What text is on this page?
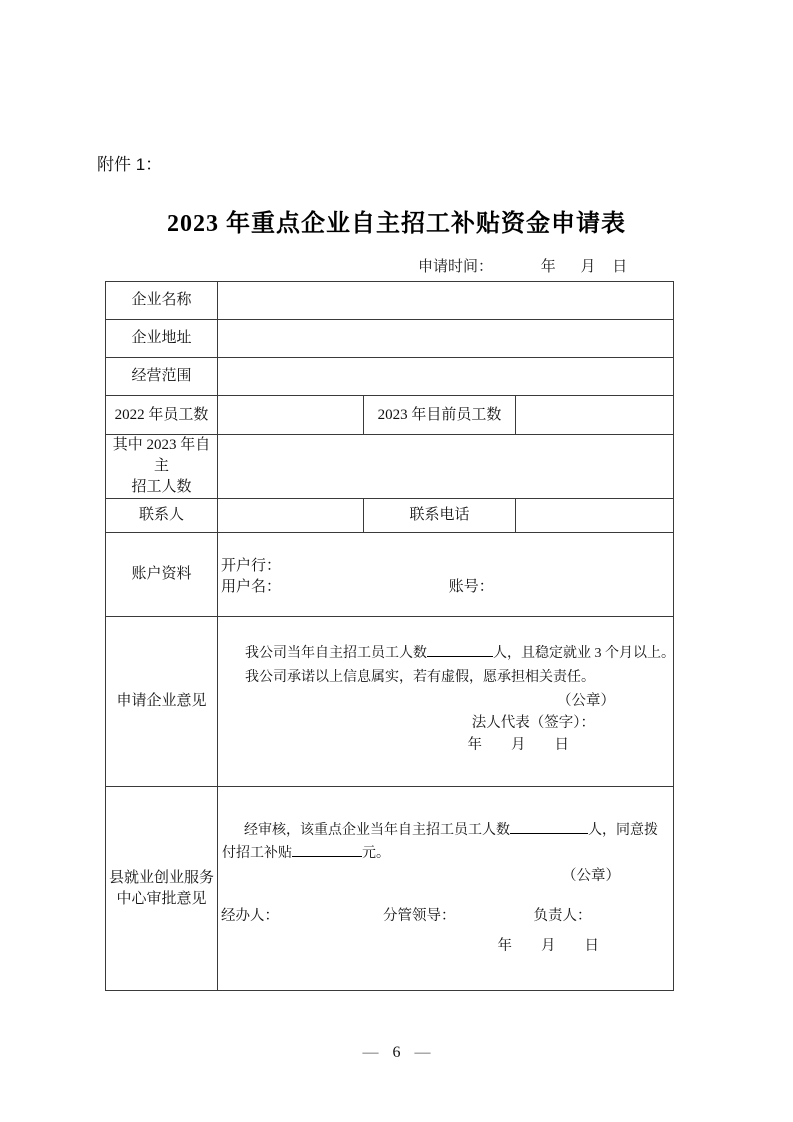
附件 1：
2023 年重点企业自主招工补贴资金申请表
申请时间：	年 月 日
企业名称			
企业地址			
经营范围			
2022 年员工数		2023 年目前员工数	

其中 2023 年自主
招工人数			

联系人		联系电话	
账户资料	开户行：
用户名： 账号：		

申请企业意见	我公司当年自主招工员工人数 人，且稳定就业 3 个月以上。
我公司承诺以上信息属实，若有虚假，愿承担相关责任。
（公章）
法人代表（签字）：
年　　月　　日		

县就业创业服务
中心审批意见

经审核，该重点企业当年自主招工员工人数	人，同意拨
付招工补贴	元。
（公章）
经办人：	分管领导：	负责人：
年　　月　　日
— 6 —
